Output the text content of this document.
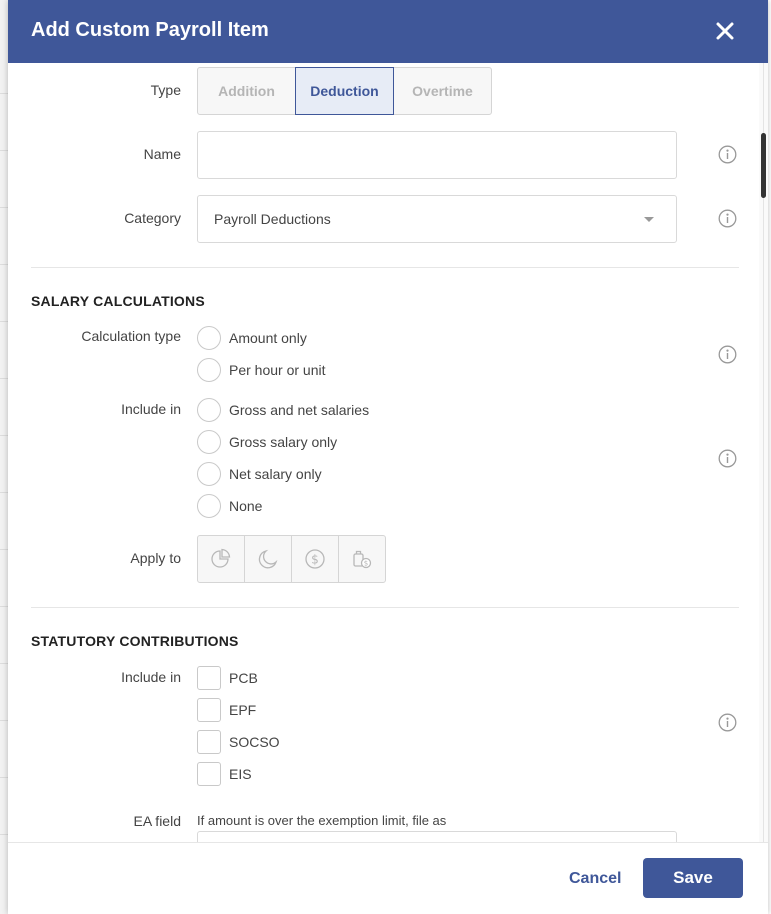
Add Custom Payroll Item
Type	Addition	Deduction	Overtime
Name
Category Payroll Deductions
SALARY CALCULATIONS
Calculation type	Amount only
Per hour or unit
Include in	Gross and net salaries
Gross salary only
Net salary only
None
Apply to	$	$
STATUTORY CONTRIBUTIONS
Include in	PCB
EPF
SOCSO
EIS
EA field If amount is over the exemption limit, file as
Cancel	Save
